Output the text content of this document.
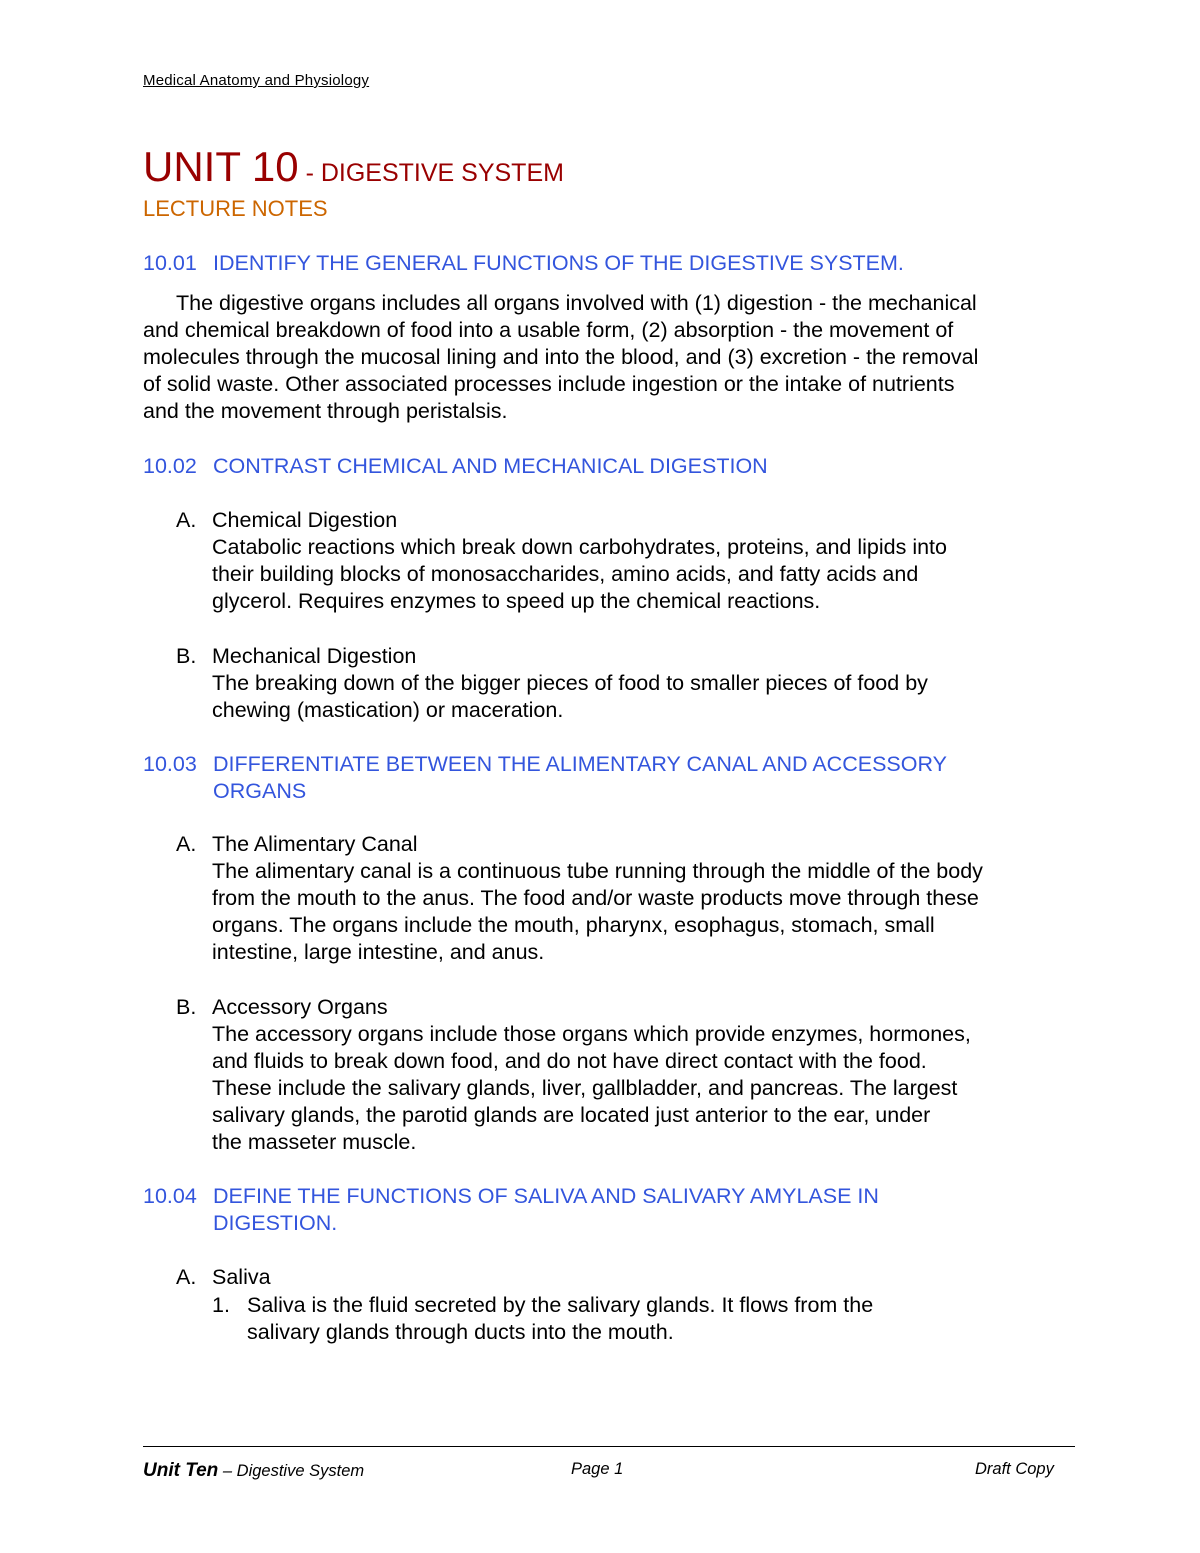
Medical Anatomy and Physiology
UNIT 10 - DIGESTIVE SYSTEM
LECTURE NOTES
10.01 IDENTIFY THE GENERAL FUNCTIONS OF THE DIGESTIVE SYSTEM.
The digestive organs includes all organs involved with (1) digestion - the mechanical
and chemical breakdown of food into a usable form, (2) absorption - the movement of
molecules through the mucosal lining and into the blood, and (3) excretion - the removal
of solid waste. Other associated processes include ingestion or the intake of nutrients
and the movement through peristalsis.
10.02 CONTRAST CHEMICAL AND MECHANICAL DIGESTION
A. Chemical Digestion
Catabolic reactions which break down carbohydrates, proteins, and lipids into
their building blocks of monosaccharides, amino acids, and fatty acids and
glycerol. Requires enzymes to speed up the chemical reactions.
B. Mechanical Digestion
The breaking down of the bigger pieces of food to smaller pieces of food by
chewing (mastication) or maceration.
10.03 DIFFERENTIATE BETWEEN THE ALIMENTARY CANAL AND ACCESSORY
ORGANS
A. The Alimentary Canal
The alimentary canal is a continuous tube running through the middle of the body
from the mouth to the anus. The food and/or waste products move through these
organs. The organs include the mouth, pharynx, esophagus, stomach, small
intestine, large intestine, and anus.
B. Accessory Organs
The accessory organs include those organs which provide enzymes, hormones,
and fluids to break down food, and do not have direct contact with the food.
These include the salivary glands, liver, gallbladder, and pancreas. The largest
salivary glands, the parotid glands are located just anterior to the ear, under
the masseter muscle.
10.04 DEFINE THE FUNCTIONS OF SALIVA AND SALIVARY AMYLASE IN
DIGESTION.
A. Saliva
1. Saliva is the fluid secreted by the salivary glands. It flows from the
salivary glands through ducts into the mouth.
Unit Ten – Digestive System	Page 1	Draft Copy
